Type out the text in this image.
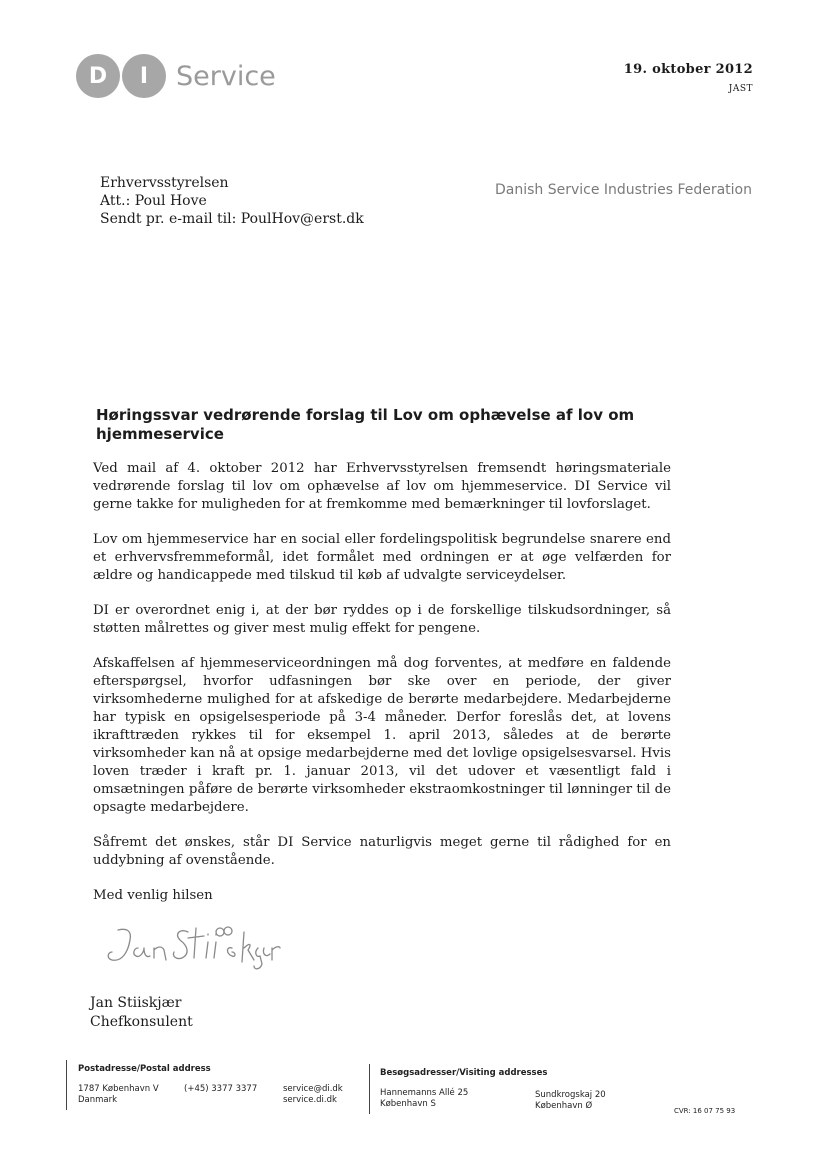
D	I	Service	19. oktober 2012
JAST
Danish Service Industries Federation
Erhvervsstyrelsen
Att.: Poul Hove
Sendt pr. e-mail til: PoulHov@erst.dk
Høringssvar vedrørende forslag til Lov om ophævelse af lov om hjemmeservice

Ved mail af 4. oktober 2012 har Erhvervsstyrelsen fremsendt høringsmateriale vedrørende forslag til lov om ophævelse af lov om hjemmeservice. DI Service vil gerne takke for muligheden for at fremkomme med bemærkninger til lovforslaget.

Lov om hjemmeservice har en social eller fordelingspolitisk begrundelse snarere end et erhvervsfremmeformål, idet formålet med ordningen er at øge velfærden for ældre og handicappede med tilskud til køb af udvalgte serviceydelser.

DI er overordnet enig i, at der bør ryddes op i de forskellige tilskudsordninger, så støtten målrettes og giver mest mulig effekt for pengene.

Afskaffelsen af hjemmeserviceordningen må dog forventes, at medføre en faldende efterspørgsel, hvorfor udfasningen bør ske over en periode, der giver virksomhederne mulighed for at afskedige de berørte medarbejdere. Medarbejderne har typisk en opsigelsesperiode på 3-4 måneder. Derfor foreslås det, at lovens ikrafttræden rykkes til for eksempel 1. april 2013, således at de berørte virksomheder kan nå at opsige medarbejderne med det lovlige opsigelsesvarsel. Hvis loven træder i kraft pr. 1. januar 2013, vil det udover et væsentligt fald i omsætningen påføre de berørte virksomheder ekstraomkostninger til lønninger til de opsagte medarbejdere.

Såfremt det ønskes, står DI Service naturligvis meget gerne til rådighed for en uddybning af ovenstående.

Med venlig hilsen

Jan Stiiskjær
Chefkonsulent
Postadresse/Postal address
1787 København V
Danmark
(+45) 3377 3377	service@di.dk
service.di.dk
Besøgsadresser/Visiting addresses
Hannemanns Allé 25
København S
Sundkrogskaj 20
København Ø	CVR: 16 07 75 93
